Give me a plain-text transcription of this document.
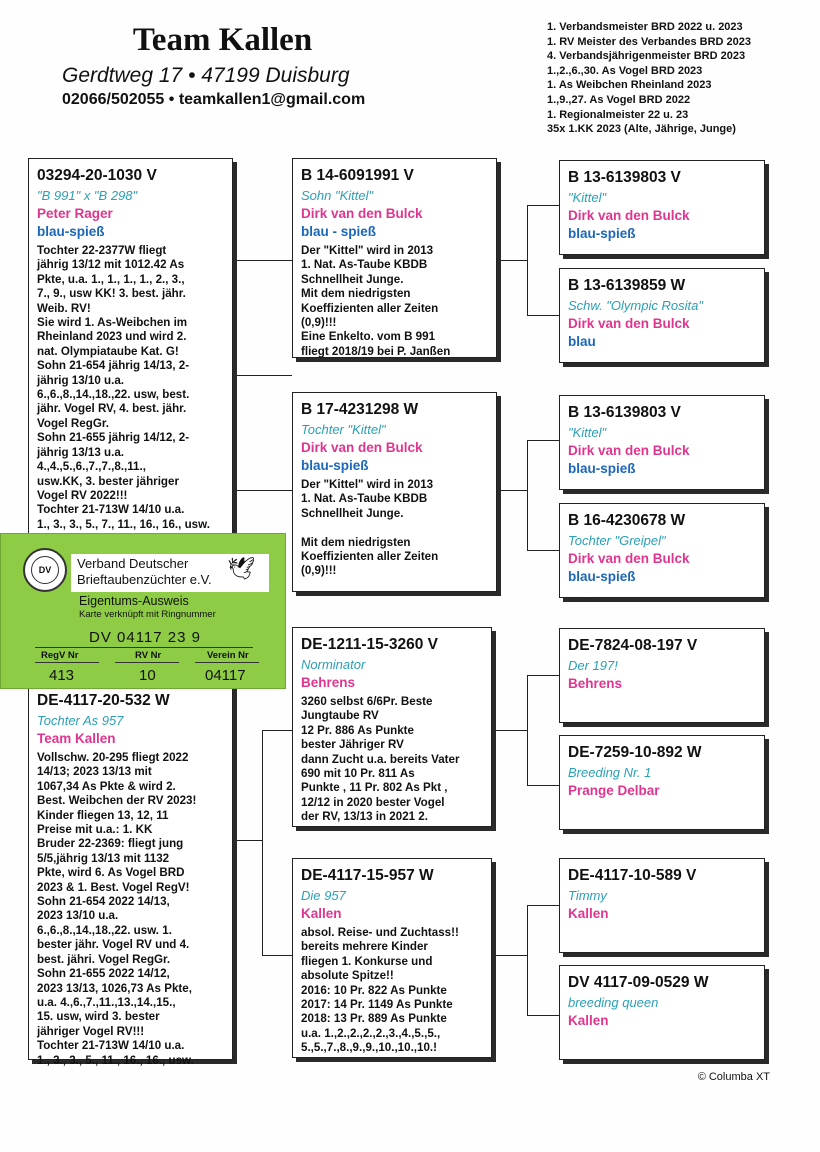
Team Kallen
Gerdtweg 17 • 47199 Duisburg
02066/502055 • teamkallen1@gmail.com
1. Verbandsmeister BRD 2022 u. 2023
1. RV Meister des Verbandes BRD 2023
4. Verbandsjährigenmeister BRD 2023
1.,2.,6.,30. As Vogel BRD 2023
1. As Weibchen Rheinland 2023
1.,9.,27. As Vogel BRD 2022
1. Regionalmeister 22 u. 23
35x 1.KK 2023 (Alte, Jährige, Junge)
03294-20-1030 V
"B 991" x "B 298"
Peter Rager
blau-spieß
Tochter 22-2377W fliegt
jährig 13/12 mit 1012.42 As
Pkte, u.a. 1., 1., 1., 1., 2., 3.,
7., 9., usw KK! 3. best. jähr.
Weib. RV!
Sie wird 1. As-Weibchen im
Rheinland 2023 und wird 2.
nat. Olympiataube Kat. G!
Sohn 21-654 jährig 14/13, 2-
jährig 13/10 u.a.
6.,6.,8.,14.,18.,22. usw, best.
jähr. Vogel RV, 4. best. jähr.
Vogel RegGr.
Sohn 21-655 jährig 14/12, 2-
jährig 13/13 u.a.
4.,4.,5.,6.,7.,7.,8.,11.,
usw.KK, 3. bester jähriger
Vogel RV 2022!!!
Tochter 21-713W 14/10 u.a.
1., 3., 3., 5., 7., 11., 16., 16., usw.
B 14-6091991 V
Sohn "Kittel"
Dirk van den Bulck
blau - spieß
Der "Kittel" wird in 2013
1. Nat. As-Taube KBDB
Schnellheit Junge.
Mit dem niedrigsten
Koeffizienten aller Zeiten
(0,9)!!!
Eine Enkelto. vom B 991
fliegt 2018/19 bei P. Janßen
B 17-4231298 W
Tochter "Kittel"
Dirk van den Bulck
blau-spieß
Der "Kittel" wird in 2013
1. Nat. As-Taube KBDB
Schnellheit Junge.

Mit dem niedrigsten
Koeffizienten aller Zeiten
(0,9)!!!
B 13-6139803 V
"Kittel"
Dirk van den Bulck
blau-spieß
B 13-6139859 W
Schw. "Olympic Rosita"
Dirk van den Bulck
blau
B 13-6139803 V
"Kittel"
Dirk van den Bulck
blau-spieß
B 16-4230678 W
Tochter "Greipel"
Dirk van den Bulck
blau-spieß
DE-4117-20-532 W
Tochter As 957
Team Kallen
Vollschw. 20-295 fliegt 2022
14/13; 2023 13/13 mit
1067,34 As Pkte & wird 2.
Best. Weibchen der RV 2023!
Kinder fliegen 13, 12, 11
Preise mit u.a.: 1. KK
Bruder 22-2369: fliegt jung
5/5,jährig 13/13 mit 1132
Pkte, wird 6. As Vogel BRD
2023 & 1. Best. Vogel RegV!
Sohn 21-654 2022 14/13,
2023 13/10 u.a.
6.,6.,8.,14.,18.,22. usw. 1.
bester jähr. Vogel RV und 4.
best. jähri. Vogel RegGr.
Sohn 21-655 2022 14/12,
2023 13/13, 1026,73 As Pkte,
u.a. 4.,6.,7.,11.,13.,14.,15.,
15. usw, wird 3. bester
jähriger Vogel RV!!!
Tochter 21-713W 14/10 u.a.
1., 3., 3., 5., 11., 16., 16., usw.
DE-1211-15-3260 V
Norminator
Behrens
3260 selbst 6/6Pr. Beste
Jungtaube RV
12 Pr. 886 As Punkte
bester Jähriger RV
dann Zucht u.a. bereits Vater
690 mit 10 Pr. 811 As
Punkte , 11 Pr. 802 As Pkt ,
12/12 in 2020 bester Vogel
der RV, 13/13 in 2021 2.
DE-4117-15-957 W
Die 957
Kallen
absol. Reise- und Zuchtass!!
bereits mehrere Kinder
fliegen 1. Konkurse und
absolute Spitze!!
2016: 10 Pr. 822 As Punkte
2017: 14 Pr. 1149 As Punkte
2018: 13 Pr. 889 As Punkte
u.a. 1.,2.,2.,2.,2.,3.,4.,5.,5.,
5.,5.,7.,8.,9.,9.,10.,10.,10.!
DE-7824-08-197 V
Der 197!
Behrens
DE-7259-10-892 W
Breeding Nr. 1
Prange Delbar
DE-4117-10-589 V
Timmy
Kallen
DV 4117-09-0529 W
breeding queen
Kallen
DV	Verband Deutscher
Brieftaubenzüchter e.V. 🕊
Eigentums-Ausweis
Karte verknüpft mit Ringnummer
DV 04117 23 9
RegV Nr	RV Nr	Verein Nr
413	10	04117
© Columba XT
